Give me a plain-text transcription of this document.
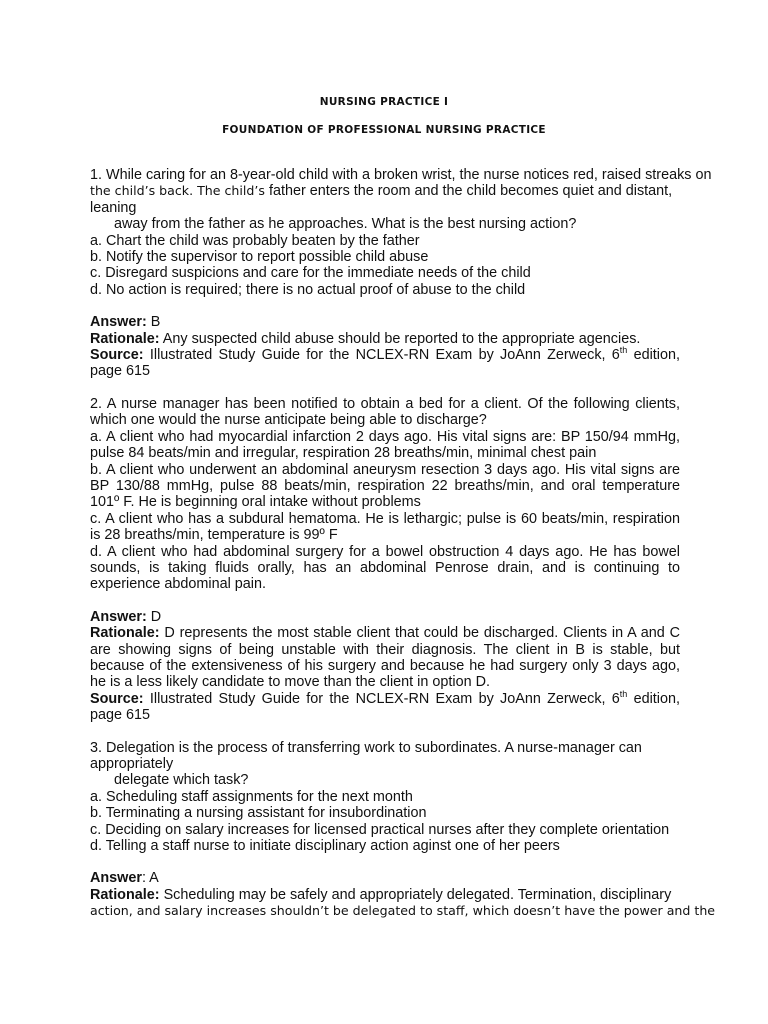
NURSING PRACTICE I
FOUNDATION OF PROFESSIONAL NURSING PRACTICE

1. While caring for an 8-year-old child with a broken wrist, the nurse notices red, raised streaks on

the child’s back. The child’s father enters the room and the child becomes quiet and distant,

leaning

away from the father as he approaches. What is the best nursing action?

a. Chart the child was probably beaten by the father
b. Notify the supervisor to report possible child abuse
c. Disregard suspicions and care for the immediate needs of the child
d. No action is required; there is no actual proof of abuse to the child

Answer: B

Rationale: Any suspected child abuse should be reported to the appropriate agencies.

Source: Illustrated Study Guide for the NCLEX-RN Exam by JoAnn Zerweck, 6th edition, page 615

2. A nurse manager has been notified to obtain a bed for a client. Of the following clients, which one would the nurse anticipate being able to discharge?

a. A client who had myocardial infarction 2 days ago. His vital signs are: BP 150/94 mmHg, pulse 84 beats/min and irregular, respiration 28 breaths/min, minimal chest pain
b. A client who underwent an abdominal aneurysm resection 3 days ago. His vital signs are BP 130/88 mmHg, pulse 88 beats/min, respiration 22 breaths/min, and oral temperature 101º F. He is beginning oral intake without problems
c. A client who has a subdural hematoma. He is lethargic; pulse is 60 beats/min, respiration is 28 breaths/min, temperature is 99º F
d. A client who had abdominal surgery for a bowel obstruction 4 days ago. He has bowel sounds, is taking fluids orally, has an abdominal Penrose drain, and is continuing to experience abdominal pain.

Answer: D

Rationale: D represents the most stable client that could be discharged. Clients in A and C are showing signs of being unstable with their diagnosis. The client in B is stable, but because of the extensiveness of his surgery and because he had surgery only 3 days ago, he is a less likely candidate to move than the client in option D.

Source: Illustrated Study Guide for the NCLEX-RN Exam by JoAnn Zerweck, 6th edition, page 615

3. Delegation is the process of transferring work to subordinates. A nurse-manager can

appropriately

delegate which task?

a. Scheduling staff assignments for the next month
b. Terminating a nursing assistant for insubordination
c. Deciding on salary increases for licensed practical nurses after they complete orientation
d. Telling a staff nurse to initiate disciplinary action aginst one of her peers

Answer: A

Rationale: Scheduling may be safely and appropriately delegated. Termination, disciplinary

action, and salary increases shouldn’t be delegated to staff, which doesn’t have the power and the
